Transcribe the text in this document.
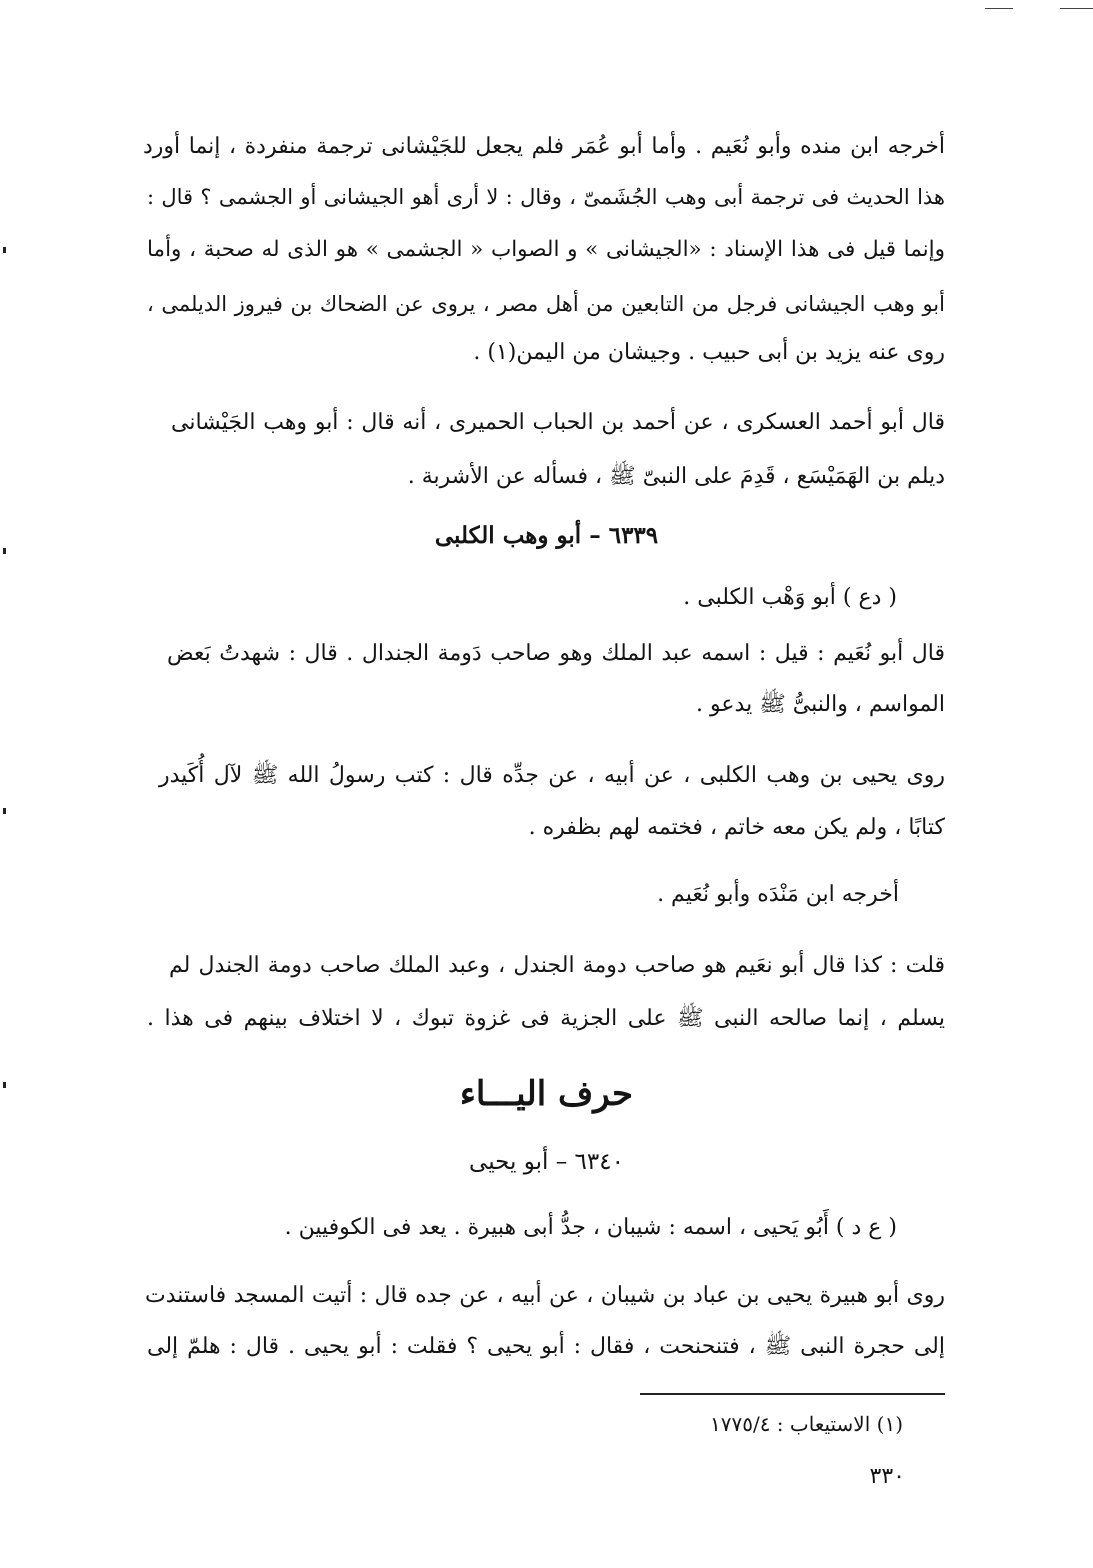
أخرجه ابن منده وأبو نُعَيم . وأما أبو عُمَر فلم يجعل للجَيْشانى ترجمة منفردة ، إنما أورد
هذا الحديث فى ترجمة أبى وهب الجُشَمىّ ، وقال : لا أرى أهو الجيشانى أو الجشمى ؟ قال :
وإنما قيل فى هذا الإسناد : «الجيشانى » و الصواب « الجشمى » هو الذى له صحبة ، وأما
أبو وهب الجيشانى فرجل من التابعين من أهل مصر ، يروى عن الضحاك بن فيروز الديلمى ،
روى عنه يزيد بن أبى حبيب . وجيشان من اليمن(١) .
قال أبو أحمد العسكرى ، عن أحمد بن الحباب الحميرى ، أنه قال : أبو وهب الجَيْشانى
ديلم بن الهَمَيْسَع ، قَدِمَ على النبىّ ﷺ ، فسأله عن الأشربة .
٦٣٣٩ – أبو وهب الكلبى
( دع ) أبو وَهْب الكلبى .
قال أبو نُعَيم : قيل : اسمه عبد الملك وهو صاحب دَومة الجندال . قال : شهدتُ بَعض
المواسم ، والنبىُّ ﷺ يدعو .
روى يحيى بن وهب الكلبى ، عن أبيه ، عن جدِّه قال : كتب رسولُ الله ﷺ لآل أُكَيدر
كتابًا ، ولم يكن معه خاتم ، فختمه لهم بظفره .
أخرجه ابن مَنْدَه وأبو نُعَيم .
قلت : كذا قال أبو نعَيم هو صاحب دومة الجندل ، وعبد الملك صاحب دومة الجندل لم
يسلم ، إنما صالحه النبى ﷺ على الجزية فى غزوة تبوك ، لا اختلاف بينهم فى هذا .
حرف اليـــاء
٦٣٤٠ – أبو يحيى
( ع د ) أَبُو يَحيى ، اسمه : شيبان ، جدُّ أبى هبيرة . يعد فى الكوفيين .
روى أبو هبيرة يحيى بن عباد بن شيبان ، عن أبيه ، عن جده قال : أتيت المسجد فاستندت
إلى حجرة النبى ﷺ ، فتنحنحت ، فقال : أبو يحيى ؟ فقلت : أبو يحيى . قال : هلمّ إلى
(١) الاستيعاب : ١٧٧٥/٤
٣٣٠
